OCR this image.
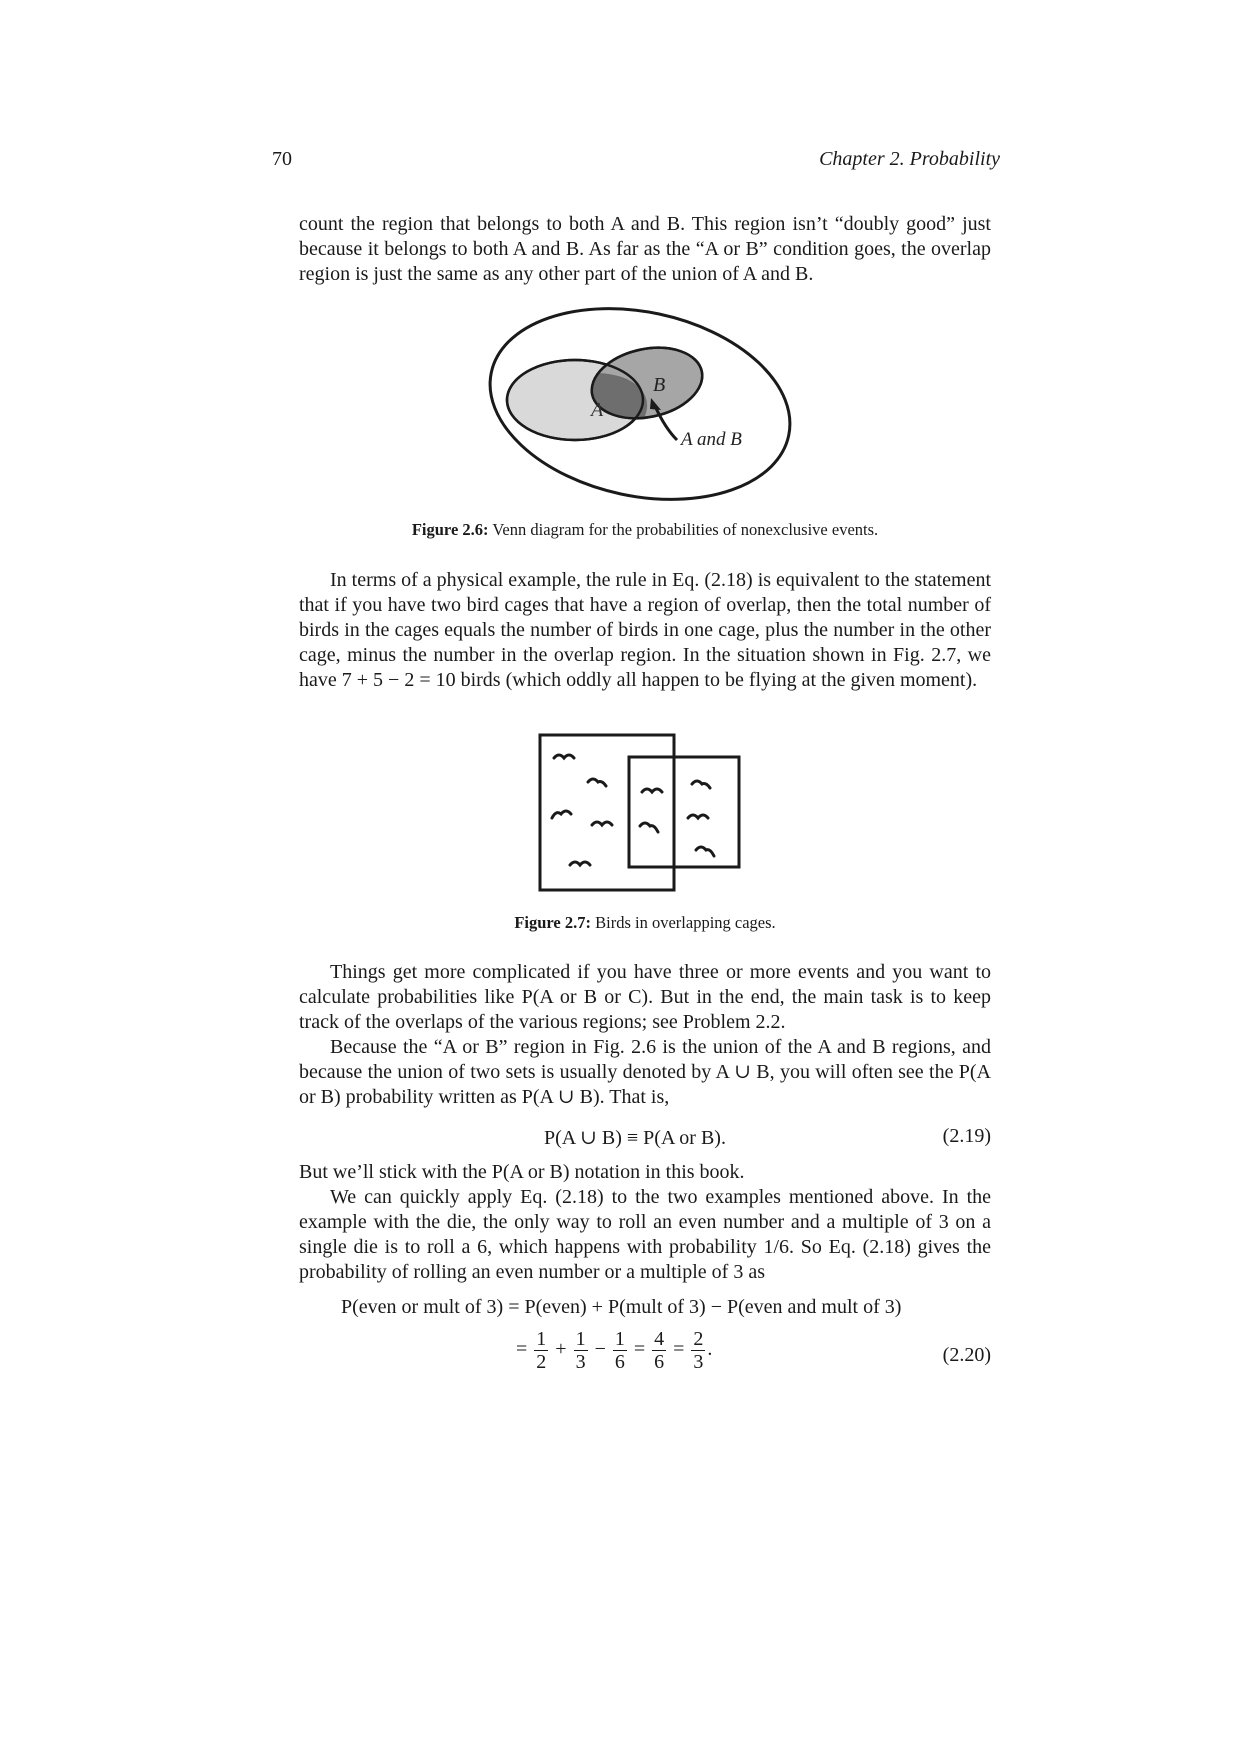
70	Chapter 2. Probability

count the region that belongs to both A and B. This region isn’t “doubly good” just because it belongs to both A and B. As far as the “A or B” condition goes, the overlap region is just the same as any other part of the union of A and B.

A
B
A and B
Figure 2.6: Venn diagram for the probabilities of nonexclusive events.

In terms of a physical example, the rule in Eq. (2.18) is equivalent to the statement that if you have two bird cages that have a region of overlap, then the total number of birds in the cages equals the number of birds in one cage, plus the number in the other cage, minus the number in the overlap region. In the situation shown in Fig. 2.7, we have 7 + 5 − 2 = 10 birds (which oddly all happen to be flying at the given moment).

Figure 2.7: Birds in overlapping cages.

Things get more complicated if you have three or more events and you want to calculate probabilities like P(A or B or C). But in the end, the main task is to keep track of the overlaps of the various regions; see Problem 2.2.

Because the “A or B” region in Fig. 2.6 is the union of the A and B regions, and because the union of two sets is usually denoted by A ∪ B, you will often see the P(A or B) probability written as P(A ∪ B). That is,

P(A ∪ B) ≡ P(A or B).	(2.19)

But we’ll stick with the P(A or B) notation in this book.

We can quickly apply Eq. (2.18) to the two examples mentioned above. In the example with the die, the only way to roll an even number and a multiple of 3 on a single die is to roll a 6, which happens with probability 1/6. So Eq. (2.18) gives the probability of rolling an even number or a multiple of 3 as

P(even or mult of 3) = P(even) + P(mult of 3) − P(even and mult of 3)
= $\frac{1}{2} + \frac{1}{3} - \frac{1}{6} = \frac{4}{6} = \frac{2}{3}$ .	(2.20)
